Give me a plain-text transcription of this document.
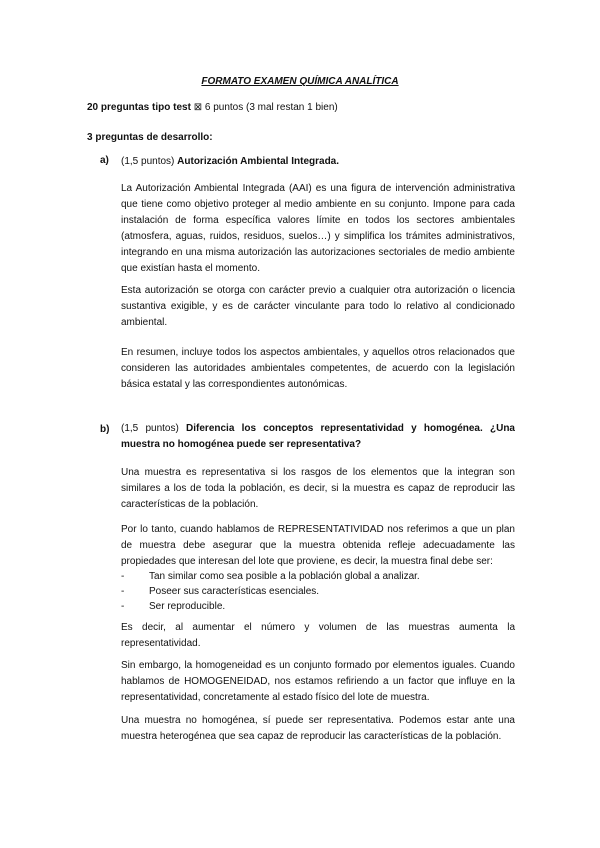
FORMATO EXAMEN QUÍMICA ANALÍTICA
20 preguntas tipo test ⊠ 6 puntos (3 mal restan 1 bien)
3 preguntas de desarrollo:
a) (1,5 puntos) Autorización Ambiental Integrada.
La Autorización Ambiental Integrada (AAI) es una figura de intervención administrativa que tiene como objetivo proteger al medio ambiente en su conjunto. Impone para cada instalación de forma específica valores límite en todos los sectores ambientales (atmosfera, aguas, ruidos, residuos, suelos…) y simplifica los trámites administrativos, integrando en una misma autorización las autorizaciones sectoriales de medio ambiente que existían hasta el momento.
Esta autorización se otorga con carácter previo a cualquier otra autorización o licencia sustantiva exigible, y es de carácter vinculante para todo lo relativo al condicionado ambiental.
En resumen, incluye todos los aspectos ambientales, y aquellos otros relacionados que consideren las autoridades ambientales competentes, de acuerdo con la legislación básica estatal y las correspondientes autonómicas.
b) (1,5 puntos) Diferencia los conceptos representatividad y homogénea. ¿Una muestra no homogénea puede ser representativa?
Una muestra es representativa si los rasgos de los elementos que la integran son similares a los de toda la población, es decir, si la muestra es capaz de reproducir las características de la población.
Por lo tanto, cuando hablamos de REPRESENTATIVIDAD nos referimos a que un plan de muestra debe asegurar que la muestra obtenida refleje adecuadamente las propiedades que interesan del lote que proviene, es decir, la muestra final debe ser:
- Tan similar como sea posible a la población global a analizar.
- Poseer sus características esenciales.
- Ser reproducible.
Es decir, al aumentar el número y volumen de las muestras aumenta la representatividad.
Sin embargo, la homogeneidad es un conjunto formado por elementos iguales. Cuando hablamos de HOMOGENEIDAD, nos estamos refiriendo a un factor que influye en la representatividad, concretamente al estado físico del lote de muestra.
Una muestra no homogénea, sí puede ser representativa. Podemos estar ante una muestra heterogénea que sea capaz de reproducir las características de la población.
